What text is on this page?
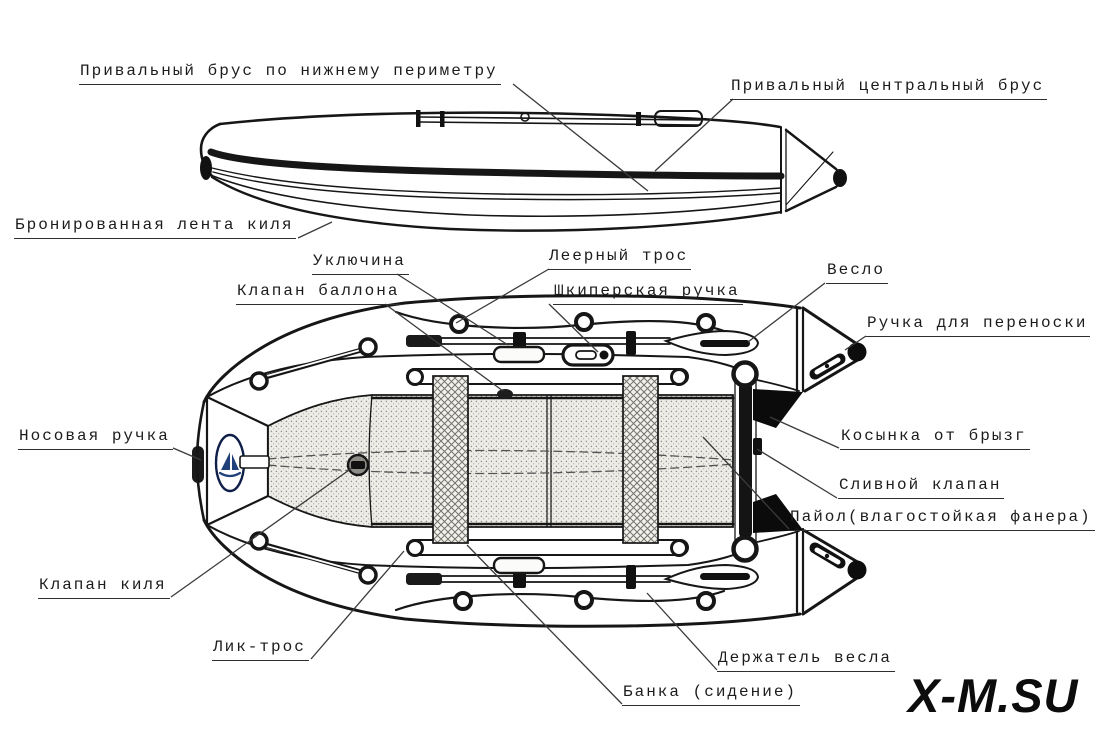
Привальный брус по нижнему периметру
Привальный центральный брус
Бронированная лента киля
Уключина	Леерный трос
Клапан баллона	Шкиперская ручка
Весло
Ручка для переноски
Носовая ручка	Косынка от брызг
Сливной клапан
Пайол(влагостойкая фанера)
Клапан киля
Лик-трос
Держатель весла
Банка (сидение) X-M.SU
